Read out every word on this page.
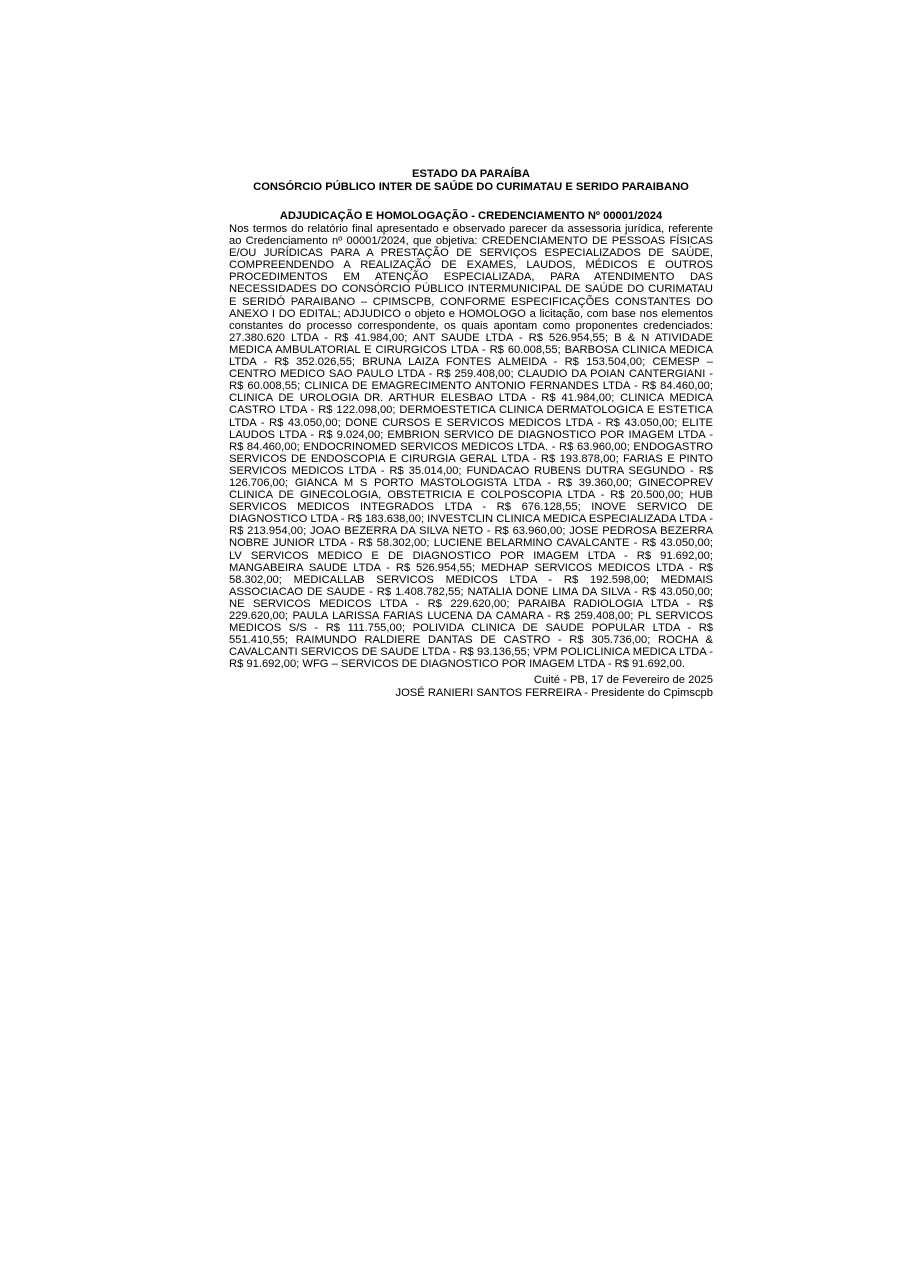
ESTADO DA PARAÍBA
CONSÓRCIO PÚBLICO INTER DE SAÚDE DO CURIMATAU E SERIDO PARAIBANO
ADJUDICAÇÃO E HOMOLOGAÇÃO - CREDENCIAMENTO Nº 00001/2024

Nos termos do relatório final apresentado e observado parecer da assessoria jurídica, referente ao Credenciamento nº 00001/2024, que objetiva: CREDENCIAMENTO DE PESSOAS FÍSICAS E/OU JURÍDICAS PARA A PRESTAÇÃO DE SERVIÇOS ESPECIALIZADOS DE SAÚDE, COMPREENDENDO A REALIZAÇÃO DE EXAMES, LAUDOS, MÉDICOS E OUTROS PROCEDIMENTOS EM ATENÇÃO ESPECIALIZADA, PARA ATENDIMENTO DAS NECESSIDADES DO CONSÓRCIO PÚBLICO INTERMUNICIPAL DE SAÚDE DO CURIMATAU E SERIDÓ PARAIBANO – CPIMSCPB, CONFORME ESPECIFICAÇÕES CONSTANTES DO ANEXO I DO EDITAL; ADJUDICO o objeto e HOMOLOGO a licitação, com base nos elementos constantes do processo correspondente, os quais apontam como proponentes credenciados: 27.380.620 LTDA - R$ 41.984,00; ANT SAUDE LTDA - R$ 526.954,55; B & N ATIVIDADE MEDICA AMBULATORIAL E CIRURGICOS LTDA - R$ 60.008,55; BARBOSA CLINICA MEDICA LTDA - R$ 352.026,55; BRUNA LAIZA FONTES ALMEIDA - R$ 153.504,00; CEMESP – CENTRO MEDICO SAO PAULO LTDA - R$ 259.408,00; CLAUDIO DA POIAN CANTERGIANI - R$ 60.008,55; CLINICA DE EMAGRECIMENTO ANTONIO FERNANDES LTDA - R$ 84.460,00; CLINICA DE UROLOGIA DR. ARTHUR ELESBAO LTDA - R$ 41.984,00; CLINICA MEDICA CASTRO LTDA - R$ 122.098,00; DERMOESTETICA CLINICA DERMATOLOGICA E ESTETICA LTDA - R$ 43.050,00; DONE CURSOS E SERVICOS MEDICOS LTDA - R$ 43.050,00; ELITE LAUDOS LTDA - R$ 9.024,00; EMBRION SERVICO DE DIAGNOSTICO POR IMAGEM LTDA - R$ 84.460,00; ENDOCRINOMED SERVICOS MEDICOS LTDA. - R$ 63.960,00; ENDOGASTRO SERVICOS DE ENDOSCOPIA E CIRURGIA GERAL LTDA - R$ 193.878,00; FARIAS E PINTO SERVICOS MEDICOS LTDA - R$ 35.014,00; FUNDACAO RUBENS DUTRA SEGUNDO - R$ 126.706,00; GIANCA M S PORTO MASTOLOGISTA LTDA - R$ 39.360,00; GINECOPREV CLINICA DE GINECOLOGIA, OBSTETRICIA E COLPOSCOPIA LTDA - R$ 20.500,00; HUB SERVICOS MEDICOS INTEGRADOS LTDA - R$ 676.128,55; INOVE SERVICO DE DIAGNOSTICO LTDA - R$ 183.638,00; INVESTCLIN CLINICA MEDICA ESPECIALIZADA LTDA - R$ 213.954,00; JOAO BEZERRA DA SILVA NETO - R$ 63.960,00; JOSE PEDROSA BEZERRA NOBRE JUNIOR LTDA - R$ 58.302,00; LUCIENE BELARMINO CAVALCANTE - R$ 43.050,00; LV SERVICOS MEDICO E DE DIAGNOSTICO POR IMAGEM LTDA - R$ 91.692,00; MANGABEIRA SAUDE LTDA - R$ 526.954,55; MEDHAP SERVICOS MEDICOS LTDA - R$ 58.302,00; MEDICALLAB SERVICOS MEDICOS LTDA - R$ 192.598,00; MEDMAIS ASSOCIACAO DE SAUDE - R$ 1.408.782,55; NATALIA DONE LIMA DA SILVA - R$ 43.050,00; NE SERVICOS MEDICOS LTDA - R$ 229.620,00; PARAIBA RADIOLOGIA LTDA - R$ 229.620,00; PAULA LARISSA FARIAS LUCENA DA CAMARA - R$ 259.408,00; PL SERVICOS MEDICOS S/S - R$ 111.755,00; POLIVIDA CLINICA DE SAUDE POPULAR LTDA - R$ 551.410,55; RAIMUNDO RALDIERE DANTAS DE CASTRO - R$ 305.736,00; ROCHA & CAVALCANTI SERVICOS DE SAUDE LTDA - R$ 93.136,55; VPM POLICLINICA MEDICA LTDA - R$ 91.692,00; WFG – SERVICOS DE DIAGNOSTICO POR IMAGEM LTDA - R$ 91.692,00.

Cuité - PB, 17 de Fevereiro de 2025
JOSÉ RANIERI SANTOS FERREIRA - Presidente do Cpimscpb
